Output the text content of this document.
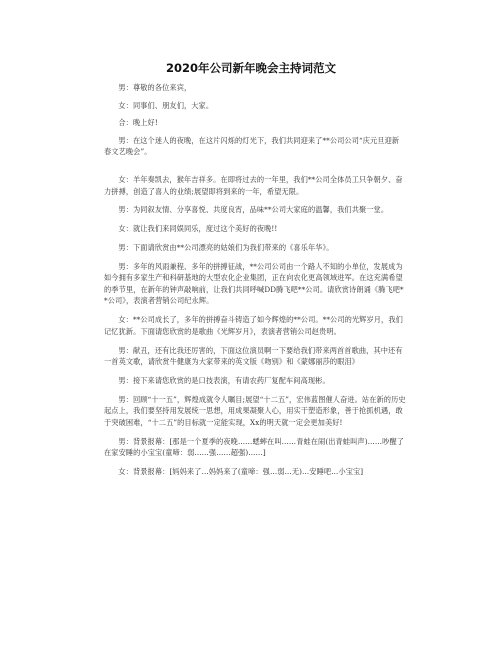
2020年公司新年晚会主持词范文

男：尊敬的各位来宾，

女：同事们、朋友们，大家。

合：晚上好!

男：在这个迷人的夜晚，在这片闪烁的灯光下，我们共同迎来了**公司公司“庆元旦迎新春文艺晚会”。

女：羊年奏凯去，猴年吉祥多。在即将过去的一年里，我们**公司全体员工只争朝夕、奋力拼搏，创造了喜人的业绩;展望即将到来的一年，希望无限。

男：为同叙友情、分享喜悦、共度良宵，品味**公司大家庭的温馨，我们共聚一堂。

女：就让我们来同娱同乐，度过这个美好的夜晚!!

男：下面请欣赏由**公司漂亮的姑娘们为我们带来的《喜乐年华》。

男：多年的风雨兼程、多年的拼搏征战，**公司公司由一个路人不知的小单位，发展成为如今拥有多家生产和科研基地的大型农化企业集团，正在向农化更高领域进军。在这充满希望的季节里，在新年的钟声敲响前，让我们共同呼喊DD腾飞吧**公司。请欣赏诗朗诵《腾飞吧**公司》，表演者营销公司纪永辉。

女：**公司成长了，多年的拼搏奋斗铸造了如今辉煌的**公司。**公司的光辉岁月，我们记忆犹新。下面请您欣赏的是歌曲《光辉岁月》，表演者营销公司赵贵明。

男：献丑，还有比我还厉害的，下面这位演员啊一下要给我们带来两首首歌曲，其中还有一首英文歌，请欣赏牛健康为大家带来的英文版《吻别》和《蒙娜丽莎的眼泪》

男：接下来请您欣赏的是口技表演，有请农药厂复配车间高现彬。

男：回顾“十一五”，辉煌成就令人瞩目;展望“十二五”，宏伟蓝图催人奋进。站在新的历史起点上，我们要坚持用发展统一思想，用成果凝聚人心，用实干塑造形象，善于抢抓机遇，敢于突破困难，“十二五”的目标就一定能实现，Xx的明天就一定会更加美好!

男：背景报幕：[那是一个夏季的夜晚……蟋蟀在叫……青蛙在闹(出青蛙叫声)……吵醒了在家安睡的小宝宝(童啼：弱……强……超强)……]

女：背景报幕：[妈妈来了…妈妈来了(童啼：强…弱…无)…安睡吧…小宝宝]
